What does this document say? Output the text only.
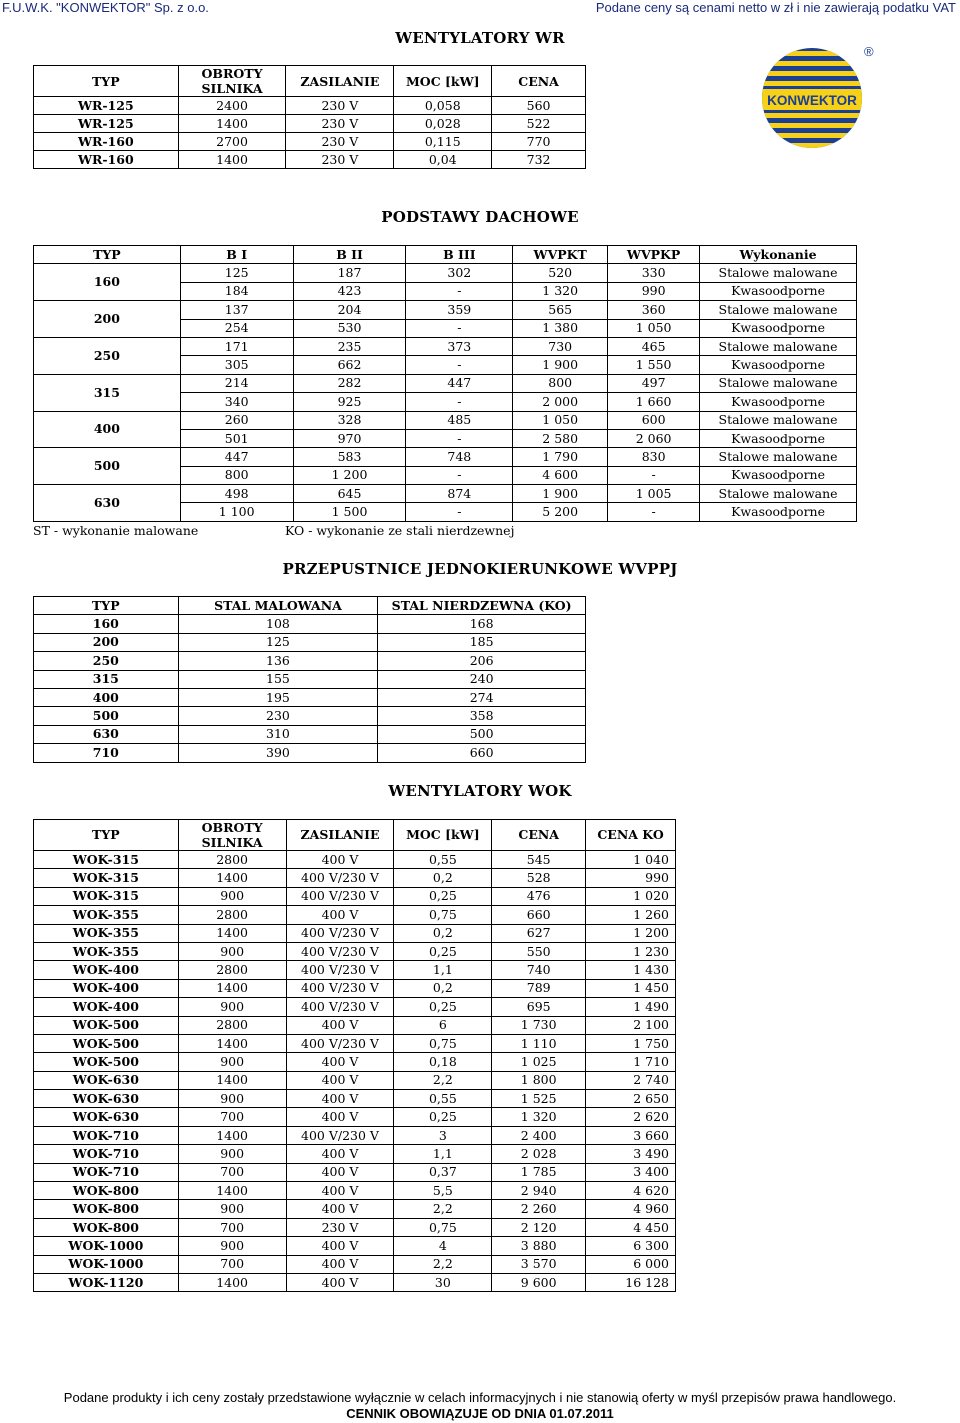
F.U.W.K. "KONWEKTOR" Sp. z o.o.	Podane ceny są cenami netto w zł i nie zawierają podatku VAT
WENTYLATORY WR
TYP	OBROTY SILNIKA	ZASILANIE	MOC [kW]	CENA
WR-125	2400	230 V	0,058	560
WR-125	1400	230 V	0,028	522
WR-160	2700	230 V	0,115	770
WR-160	1400	230 V	0,04	732
KONWEKTOR
®
PODSTAWY DACHOWE
TYP	B I	B II	B III	WVPKT	WVPKP	Wykonanie
160	125	187	302	520	330	Stalowe malowane
	184	423	-	1 320	990	Kwasoodporne
200	137	204	359	565	360	Stalowe malowane
	254	530	-	1 380	1 050	Kwasoodporne
250	171	235	373	730	465	Stalowe malowane
	305	662	-	1 900	1 550	Kwasoodporne
315	214	282	447	800	497	Stalowe malowane
	340	925	-	2 000	1 660	Kwasoodporne
400	260	328	485	1 050	600	Stalowe malowane
	501	970	-	2 580	2 060	Kwasoodporne
500	447	583	748	1 790	830	Stalowe malowane
	800	1 200	-	4 600	-	Kwasoodporne
630	498	645	874	1 900	1 005	Stalowe malowane
	1 100	1 500	-	5 200	-	Kwasoodporne
ST - wykonanie malowane	KO - wykonanie ze stali nierdzewnej
PRZEPUSTNICE JEDNOKIERUNKOWE WVPPJ
TYP	STAL MALOWANA	STAL NIERDZEWNA (KO)
160	108	168
200	125	185
250	136	206
315	155	240
400	195	274
500	230	358
630	310	500
710	390	660
WENTYLATORY WOK
TYP	OBROTY SILNIKA	ZASILANIE	MOC [kW]	CENA	CENA KO
WOK-315	2800	400 V	0,55	545	1 040
WOK-315	1400	400 V/230 V	0,2	528	990
WOK-315	900	400 V/230 V	0,25	476	1 020
WOK-355	2800	400 V	0,75	660	1 260
WOK-355	1400	400 V/230 V	0,2	627	1 200
WOK-355	900	400 V/230 V	0,25	550	1 230
WOK-400	2800	400 V/230 V	1,1	740	1 430
WOK-400	1400	400 V/230 V	0,2	789	1 450
WOK-400	900	400 V/230 V	0,25	695	1 490
WOK-500	2800	400 V	6	1 730	2 100
WOK-500	1400	400 V/230 V	0,75	1 110	1 750
WOK-500	900	400 V	0,18	1 025	1 710
WOK-630	1400	400 V	2,2	1 800	2 740
WOK-630	900	400 V	0,55	1 525	2 650
WOK-630	700	400 V	0,25	1 320	2 620
WOK-710	1400	400 V/230 V	3	2 400	3 660
WOK-710	900	400 V	1,1	2 028	3 490
WOK-710	700	400 V	0,37	1 785	3 400
WOK-800	1400	400 V	5,5	2 940	4 620
WOK-800	900	400 V	2,2	2 260	4 960
WOK-800	700	230 V	0,75	2 120	4 450
WOK-1000	900	400 V	4	3 880	6 300
WOK-1000	700	400 V	2,2	3 570	6 000
WOK-1120	1400	400 V	30	9 600	16 128
Podane produkty i ich ceny zostały przedstawione wyłącznie w celach informacyjnych i nie stanowią oferty w myśl przepisów prawa handlowego.
CENNIK OBOWIĄZUJE OD DNIA 01.07.2011
